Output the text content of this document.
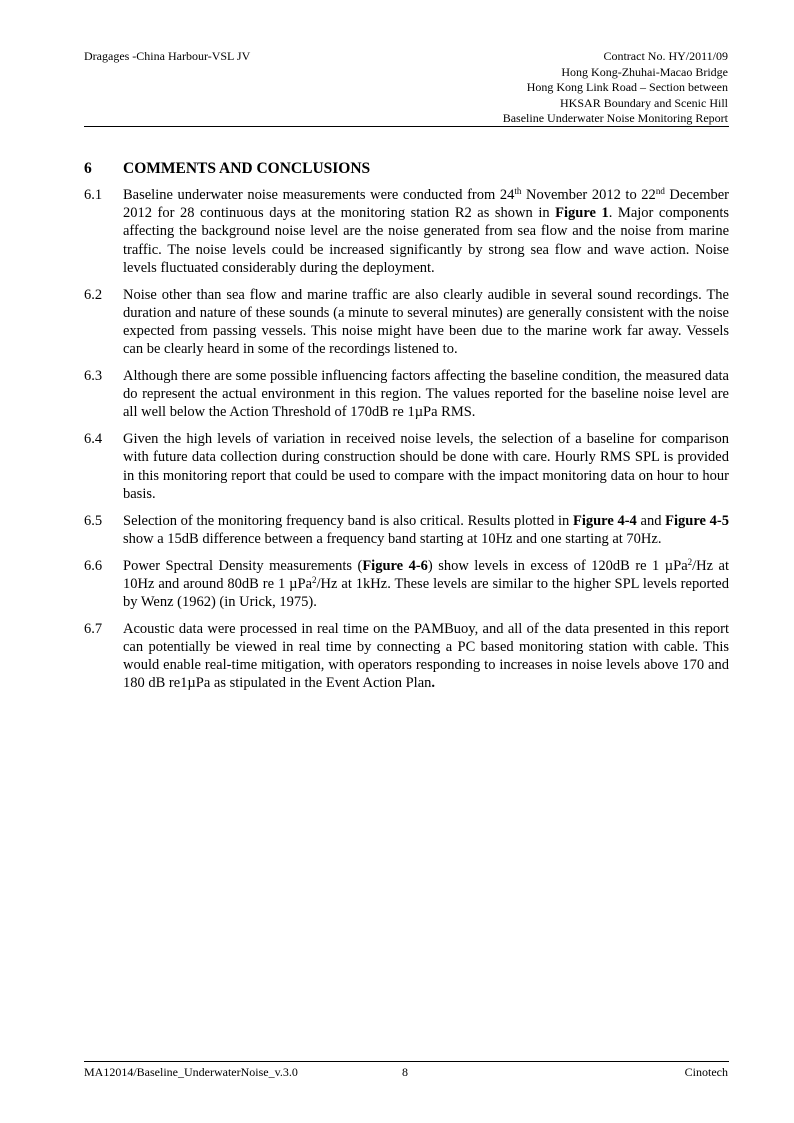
Dragages -China Harbour-VSL JV	Contract No. HY/2011/09
Hong Kong-Zhuhai-Macao Bridge
Hong Kong Link Road – Section between
HKSAR Boundary and Scenic Hill
Baseline Underwater Noise Monitoring Report
6 COMMENTS AND CONCLUSIONS
6.1 Baseline underwater noise measurements were conducted from 24th November 2012 to 22nd December 2012 for 28 continuous days at the monitoring station R2 as shown in Figure 1. Major components affecting the background noise level are the noise generated from sea flow and the noise from marine traffic. The noise levels could be increased significantly by strong sea flow and wave action. Noise levels fluctuated considerably during the deployment.
6.2 Noise other than sea flow and marine traffic are also clearly audible in several sound recordings. The duration and nature of these sounds (a minute to several minutes) are generally consistent with the noise expected from passing vessels. This noise might have been due to the marine work far away. Vessels can be clearly heard in some of the recordings listened to.
6.3 Although there are some possible influencing factors affecting the baseline condition, the measured data do represent the actual environment in this region. The values reported for the baseline noise level are all well below the Action Threshold of 170dB re 1µPa RMS.
6.4 Given the high levels of variation in received noise levels, the selection of a baseline for comparison with future data collection during construction should be done with care. Hourly RMS SPL is provided in this monitoring report that could be used to compare with the impact monitoring data on hour to hour basis.
6.5 Selection of the monitoring frequency band is also critical. Results plotted in Figure 4-4 and Figure 4-5 show a 15dB difference between a frequency band starting at 10Hz and one starting at 70Hz.
6.6 Power Spectral Density measurements (Figure 4-6) show levels in excess of 120dB re 1 µPa$^2$/Hz at 10Hz and around 80dB re 1 µPa$^2$/Hz at 1kHz. These levels are similar to the higher SPL levels reported by Wenz (1962) (in Urick, 1975).
6.7 Acoustic data were processed in real time on the PAMBuoy, and all of the data presented in this report can potentially be viewed in real time by connecting a PC based monitoring station with cable. This would enable real-time mitigation, with operators responding to increases in noise levels above 170 and 180 dB re1µPa as stipulated in the Event Action Plan.
MA12014/Baseline_UnderwaterNoise_v.3.0	8	Cinotech
